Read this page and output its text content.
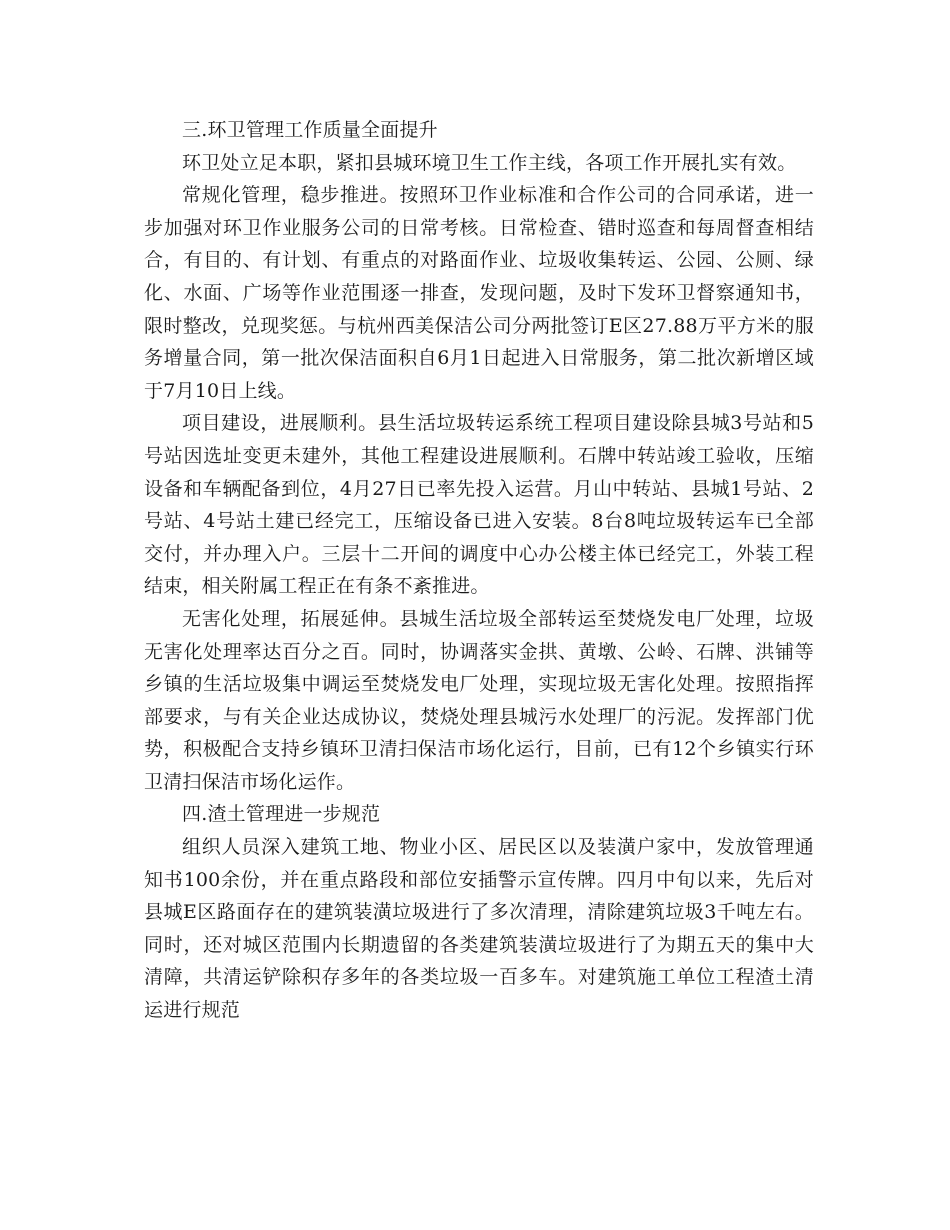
三.环卫管理工作质量全面提升

环卫处立足本职，紧扣县城环境卫生工作主线，各项工作开展扎实有效。

常规化管理，稳步推进。按照环卫作业标准和合作公司的合同承诺，进一步加强对环卫作业服务公司的日常考核。日常检查、错时巡查和每周督查相结合，有目的、有计划、有重点的对路面作业、垃圾收集转运、公园、公厕、绿化、水面、广场等作业范围逐一排查，发现问题，及时下发环卫督察通知书，限时整改，兑现奖惩。与杭州西美保洁公司分两批签订E区27.88万平方米的服务增量合同，第一批次保洁面积自6月1日起进入日常服务，第二批次新增区域于7月10日上线。

项目建设，进展顺利。县生活垃圾转运系统工程项目建设除县城3号站和5号站因选址变更未建外，其他工程建设进展顺利。石牌中转站竣工验收，压缩设备和车辆配备到位，4月27日已率先投入运营。月山中转站、县城1号站、2号站、4号站土建已经完工，压缩设备已进入安装。8台8吨垃圾转运车已全部交付，并办理入户。三层十二开间的调度中心办公楼主体已经完工，外装工程结束，相关附属工程正在有条不紊推进。

无害化处理，拓展延伸。县城生活垃圾全部转运至焚烧发电厂处理，垃圾无害化处理率达百分之百。同时，协调落实金拱、黄墩、公岭、石牌、洪铺等乡镇的生活垃圾集中调运至焚烧发电厂处理，实现垃圾无害化处理。按照指挥部要求，与有关企业达成协议，焚烧处理县城污水处理厂的污泥。发挥部门优势，积极配合支持乡镇环卫清扫保洁市场化运行，目前，已有12个乡镇实行环卫清扫保洁市场化运作。

四.渣土管理进一步规范

组织人员深入建筑工地、物业小区、居民区以及装潢户家中，发放管理通知书100余份，并在重点路段和部位安插警示宣传牌。四月中旬以来，先后对县城E区路面存在的建筑装潢垃圾进行了多次清理，清除建筑垃圾3千吨左右。同时，还对城区范围内长期遗留的各类建筑装潢垃圾进行了为期五天的集中大清障，共清运铲除积存多年的各类垃圾一百多车。对建筑施工单位工程渣土清运进行规范
